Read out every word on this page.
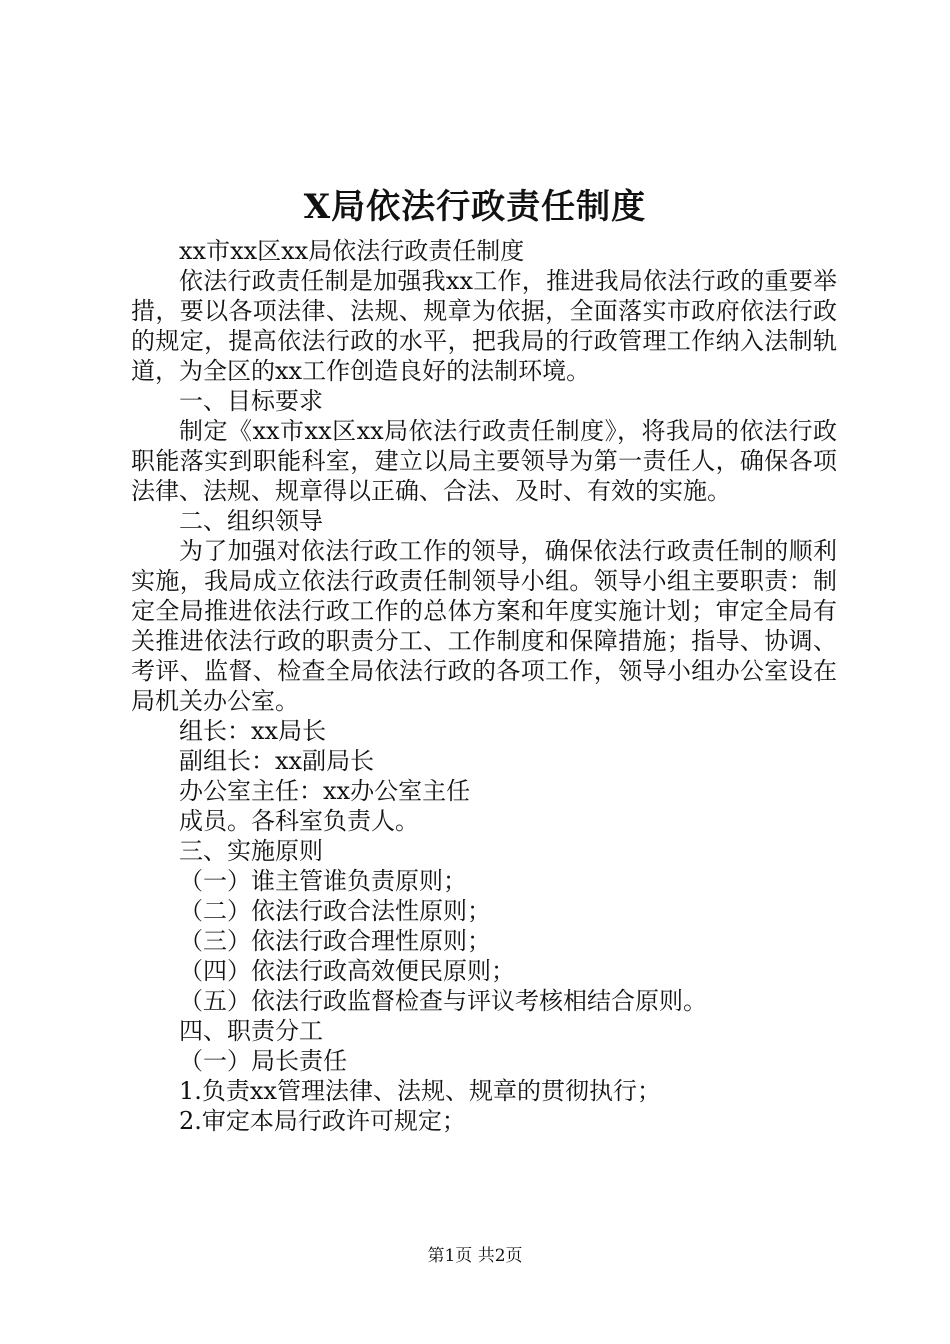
X局依法行政责任制度

xx市xx区xx局依法行政责任制度

依法行政责任制是加强我xx工作，推进我局依法行政的重要举措，要以各项法律、法规、规章为依据，全面落实市政府依法行政的规定，提高依法行政的水平，把我局的行政管理工作纳入法制轨道，为全区的xx工作创造良好的法制环境。

一、目标要求

制定《xx市xx区xx局依法行政责任制度》，将我局的依法行政职能落实到职能科室，建立以局主要领导为第一责任人，确保各项法律、法规、规章得以正确、合法、及时、有效的实施。

二、组织领导

为了加强对依法行政工作的领导，确保依法行政责任制的顺利实施，我局成立依法行政责任制领导小组。领导小组主要职责：制定全局推进依法行政工作的总体方案和年度实施计划；审定全局有关推进依法行政的职责分工、工作制度和保障措施；指导、协调、考评、监督、检查全局依法行政的各项工作，领导小组办公室设在局机关办公室。

组长：xx局长

副组长：xx副局长

办公室主任：xx办公室主任

成员。各科室负责人。

三、实施原则

（一）谁主管谁负责原则；

（二）依法行政合法性原则；

（三）依法行政合理性原则；

（四）依法行政高效便民原则；

（五）依法行政监督检查与评议考核相结合原则。

四、职责分工

（一）局长责任

1.负责xx管理法律、法规、规章的贯彻执行；

2.审定本局行政许可规定；

第1页 共2页
